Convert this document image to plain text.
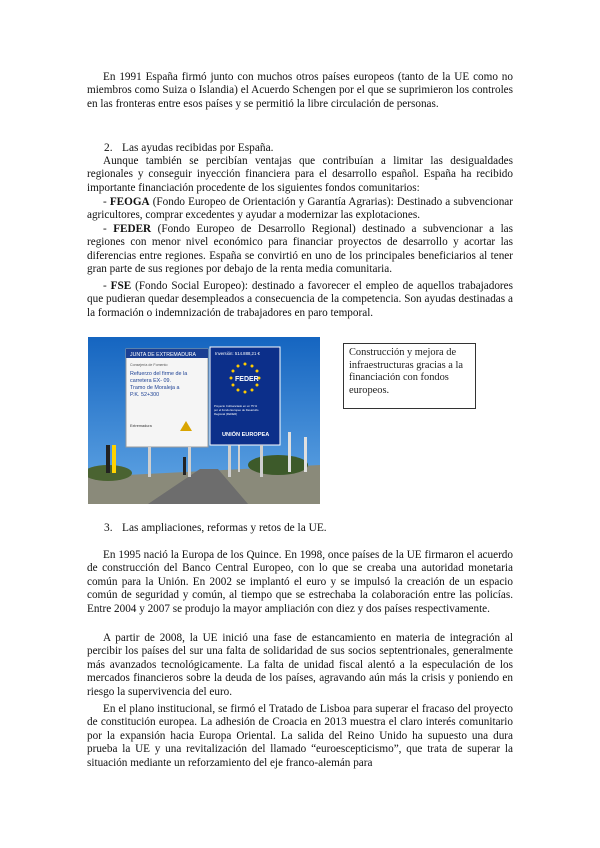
En 1991 España firmó junto con muchos otros países europeos (tanto de la UE como no miembros como Suiza o Islandia) el Acuerdo Schengen por el que se suprimieron los controles en las fronteras entre esos países y se permitió la libre circulación de personas.

2. Las ayudas recibidas por España.

Aunque también se percibían ventajas que contribuían a limitar las desigualdades regionales y conseguir inyección financiera para el desarrollo español. España ha recibido importante financiación procedente de los siguientes fondos comunitarios:

- FEOGA (Fondo Europeo de Orientación y Garantía Agrarias): Destinado a subvencionar agricultores, comprar excedentes y ayudar a modernizar las explotaciones.

- FEDER (Fondo Europeo de Desarrollo Regional) destinado a subvencionar a las regiones con menor nivel económico para financiar proyectos de desarrollo y acortar las diferencias entre regiones. España se convirtió en uno de los principales beneficiarios al tener gran parte de sus regiones por debajo de la renta media comunitaria.

- FSE (Fondo Social Europeo): destinado a favorecer el empleo de aquellos trabajadores que pudieran quedar desempleados a consecuencia de la competencia. Son ayudas destinadas a la formación o indemnización de trabajadores en paro temporal.

JUNTA DE EXTREMADURA
Consejería de Fomento
Refuerzo del firme de la
carretera EX- 09.
Tramo de Moraleja a
P.K. 52+300
Extremadura
Inversión: 514.888,21 €
FEDER
Proyecto Cofinanciado en un 75 %
por el Fondo Europeo de Desarrollo
Regional (FEDER)
UNIÓN EUROPEA
Construcción y mejora de infraestructuras gracias a la financiación con fondos europeos.

3. Las ampliaciones, reformas y retos de la UE.

En 1995 nació la Europa de los Quince. En 1998, once países de la UE firmaron el acuerdo de construcción del Banco Central Europeo, con lo que se creaba una autoridad monetaria común para la Unión. En 2002 se implantó el euro y se impulsó la creación de un espacio común de seguridad y común, al tiempo que se estrechaba la colaboración entre las policías. Entre 2004 y 2007 se produjo la mayor ampliación con diez y dos países respectivamente.

A partir de 2008, la UE inició una fase de estancamiento en materia de integración al percibir los países del sur una falta de solidaridad de sus socios septentrionales, generalmente más avanzados tecnológicamente. La falta de unidad fiscal alentó a la especulación de los mercados financieros sobre la deuda de los países, agravando aún más la crisis y poniendo en riesgo la supervivencia del euro.

En el plano institucional, se firmó el Tratado de Lisboa para superar el fracaso del proyecto de constitución europea. La adhesión de Croacia en 2013 muestra el claro interés comunitario por la expansión hacia Europa Oriental. La salida del Reino Unido ha supuesto una dura prueba la UE y una revitalización del llamado “euroescepticismo”, que trata de superar la situación mediante un reforzamiento del eje franco-alemán para
